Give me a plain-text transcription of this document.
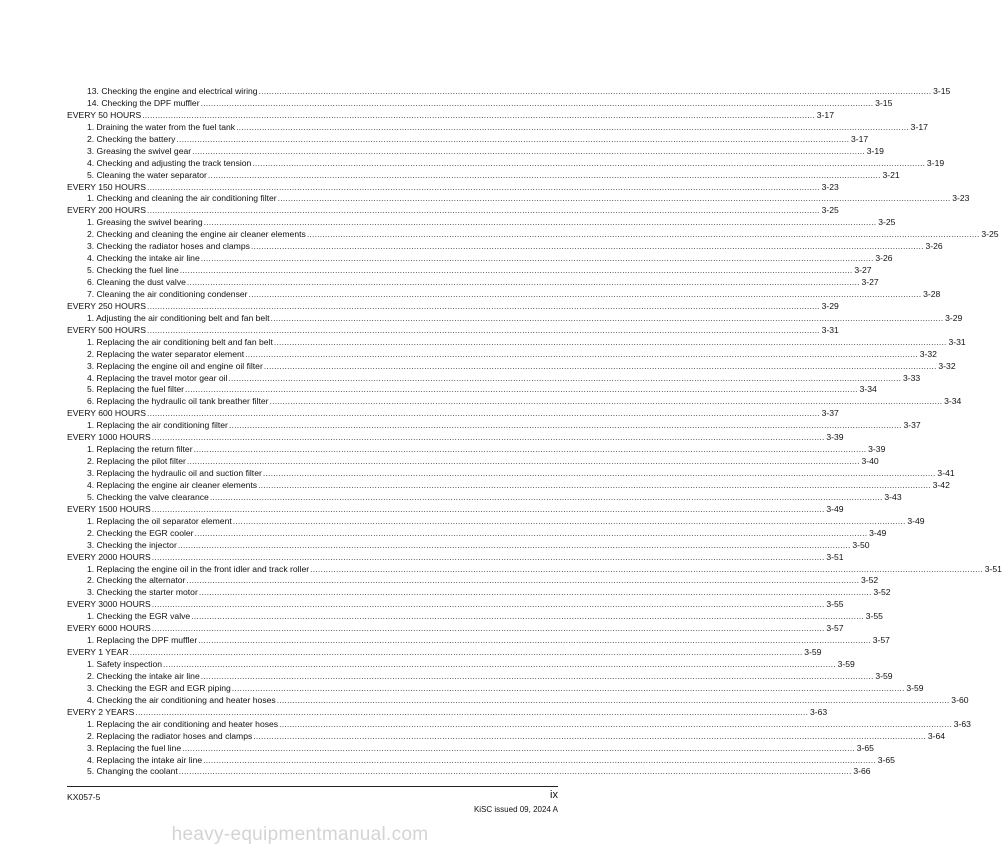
13. Checking the engine and electrical wiring .................................................................................................................................................................................................................................................................... 3-15
14. Checking the DPF muffler .................................................................................................................................................................................................................................................................... 3-15
EVERY 50 HOURS .................................................................................................................................................................................................................................................................... 3-17
1. Draining the water from the fuel tank .................................................................................................................................................................................................................................................................... 3-17
2. Checking the battery .................................................................................................................................................................................................................................................................... 3-17
3. Greasing the swivel gear .................................................................................................................................................................................................................................................................... 3-19
4. Checking and adjusting the track tension .................................................................................................................................................................................................................................................................... 3-19
5. Cleaning the water separator .................................................................................................................................................................................................................................................................... 3-21
EVERY 150 HOURS .................................................................................................................................................................................................................................................................... 3-23
1. Checking and cleaning the air conditioning filter .................................................................................................................................................................................................................................................................... 3-23
EVERY 200 HOURS .................................................................................................................................................................................................................................................................... 3-25
1. Greasing the swivel bearing .................................................................................................................................................................................................................................................................... 3-25
2. Checking and cleaning the engine air cleaner elements .................................................................................................................................................................................................................................................................... 3-25
3. Checking the radiator hoses and clamps .................................................................................................................................................................................................................................................................... 3-26
4. Checking the intake air line .................................................................................................................................................................................................................................................................... 3-26
5. Checking the fuel line .................................................................................................................................................................................................................................................................... 3-27
6. Cleaning the dust valve .................................................................................................................................................................................................................................................................... 3-27
7. Cleaning the air conditioning condenser .................................................................................................................................................................................................................................................................... 3-28
EVERY 250 HOURS .................................................................................................................................................................................................................................................................... 3-29
1. Adjusting the air conditioning belt and fan belt .................................................................................................................................................................................................................................................................... 3-29
EVERY 500 HOURS .................................................................................................................................................................................................................................................................... 3-31
1. Replacing the air conditioning belt and fan belt .................................................................................................................................................................................................................................................................... 3-31
2. Replacing the water separator element .................................................................................................................................................................................................................................................................... 3-32
3. Replacing the engine oil and engine oil filter .................................................................................................................................................................................................................................................................... 3-32
4. Replacing the travel motor gear oil .................................................................................................................................................................................................................................................................... 3-33
5. Replacing the fuel filter .................................................................................................................................................................................................................................................................... 3-34
6. Replacing the hydraulic oil tank breather filter .................................................................................................................................................................................................................................................................... 3-34
EVERY 600 HOURS .................................................................................................................................................................................................................................................................... 3-37
1. Replacing the air conditioning filter .................................................................................................................................................................................................................................................................... 3-37
EVERY 1000 HOURS .................................................................................................................................................................................................................................................................... 3-39
1. Replacing the return filter .................................................................................................................................................................................................................................................................... 3-39
2. Replacing the pilot filter .................................................................................................................................................................................................................................................................... 3-40
3. Replacing the hydraulic oil and suction filter .................................................................................................................................................................................................................................................................... 3-41
4. Replacing the engine air cleaner elements .................................................................................................................................................................................................................................................................... 3-42
5. Checking the valve clearance .................................................................................................................................................................................................................................................................... 3-43
EVERY 1500 HOURS .................................................................................................................................................................................................................................................................... 3-49
1. Replacing the oil separator element .................................................................................................................................................................................................................................................................... 3-49
2. Checking the EGR cooler .................................................................................................................................................................................................................................................................... 3-49
3. Checking the injector .................................................................................................................................................................................................................................................................... 3-50
EVERY 2000 HOURS .................................................................................................................................................................................................................................................................... 3-51
1. Replacing the engine oil in the front idler and track roller .................................................................................................................................................................................................................................................................... 3-51
2. Checking the alternator .................................................................................................................................................................................................................................................................... 3-52
3. Checking the starter motor .................................................................................................................................................................................................................................................................... 3-52
EVERY 3000 HOURS .................................................................................................................................................................................................................................................................... 3-55
1. Checking the EGR valve .................................................................................................................................................................................................................................................................... 3-55
EVERY 6000 HOURS .................................................................................................................................................................................................................................................................... 3-57
1. Replacing the DPF muffler .................................................................................................................................................................................................................................................................... 3-57
EVERY 1 YEAR .................................................................................................................................................................................................................................................................... 3-59
1. Safety inspection .................................................................................................................................................................................................................................................................... 3-59
2. Checking the intake air line .................................................................................................................................................................................................................................................................... 3-59
3. Checking the EGR and EGR piping .................................................................................................................................................................................................................................................................... 3-59
4. Checking the air conditioning and heater hoses .................................................................................................................................................................................................................................................................... 3-60
EVERY 2 YEARS .................................................................................................................................................................................................................................................................... 3-63
1. Replacing the air conditioning and heater hoses .................................................................................................................................................................................................................................................................... 3-63
2. Replacing the radiator hoses and clamps .................................................................................................................................................................................................................................................................... 3-64
3. Replacing the fuel line .................................................................................................................................................................................................................................................................... 3-65
4. Replacing the intake air line .................................................................................................................................................................................................................................................................... 3-65
5. Changing the coolant .................................................................................................................................................................................................................................................................... 3-66
KX057-5	ix
KiSC issued 09, 2024 A
heavy-equipmentmanual.com
